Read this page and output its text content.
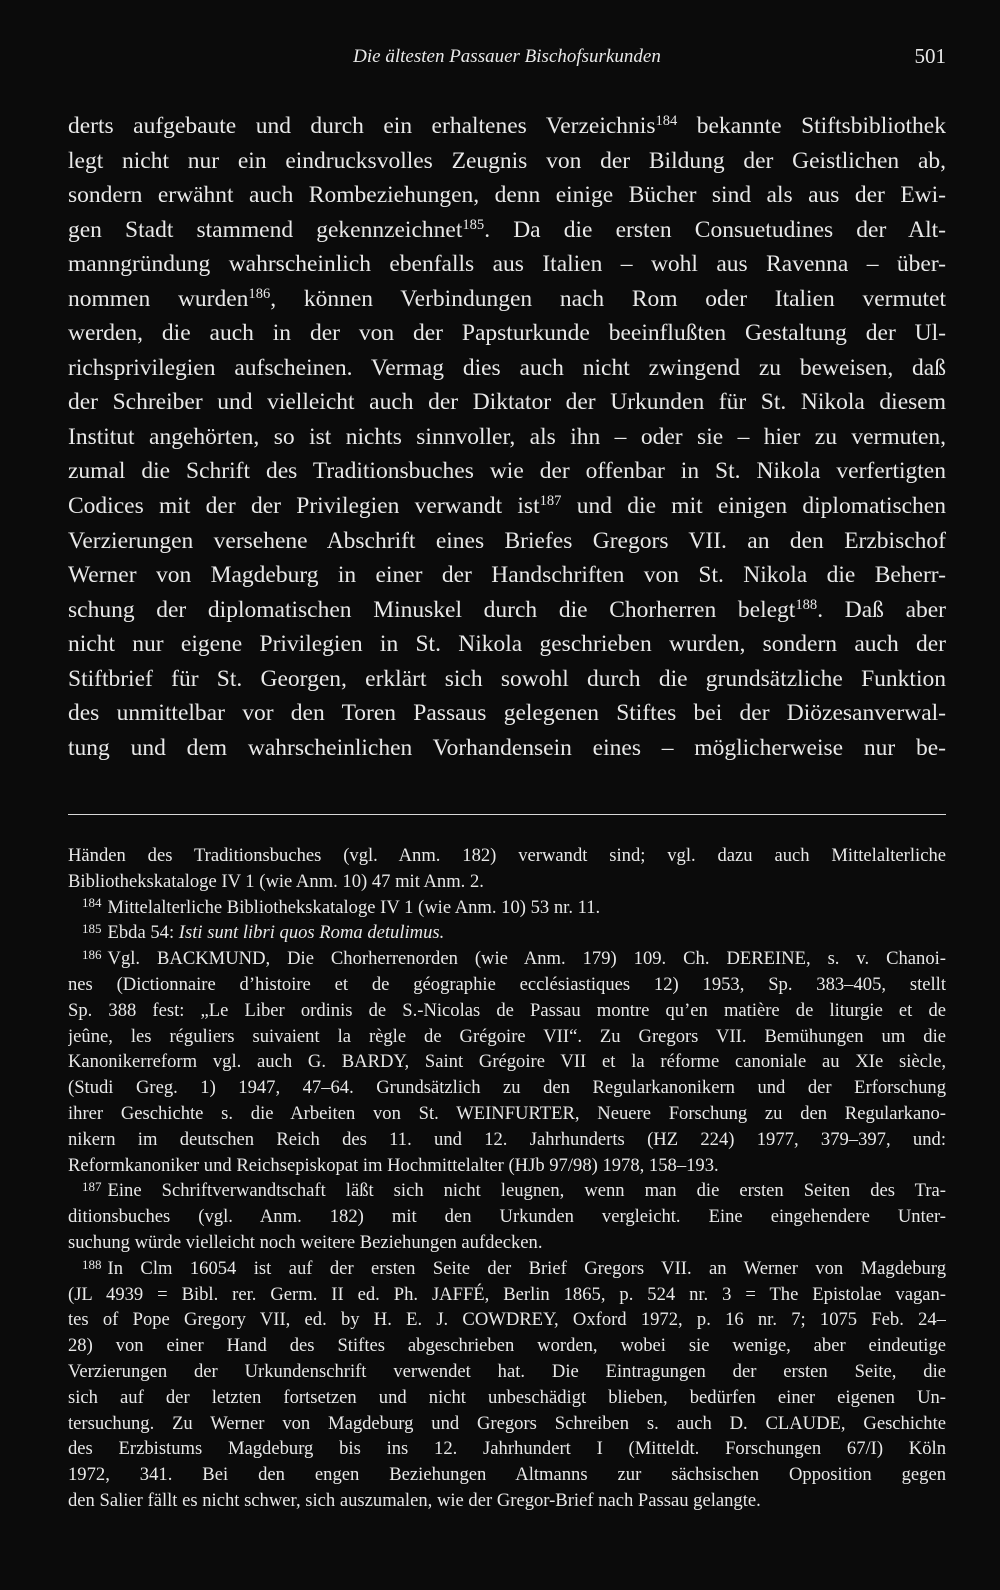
Die ältesten Passauer Bischofsurkunden	501
derts aufgebaute und durch ein erhaltenes Verzeichnis$^{184}$ bekannte Stiftsbibliothek
legt nicht nur ein eindrucksvolles Zeugnis von der Bildung der Geistlichen ab,
sondern erwähnt auch Rombeziehungen, denn einige Bücher sind als aus der Ewi-
gen Stadt stammend gekennzeichnet$^{185}$. Da die ersten Consuetudines der Alt-
manngründung wahrscheinlich ebenfalls aus Italien – wohl aus Ravenna – über-
nommen wurden$^{186}$, können Verbindungen nach Rom oder Italien vermutet
werden, die auch in der von der Papsturkunde beeinflußten Gestaltung der Ul-
richsprivilegien aufscheinen. Vermag dies auch nicht zwingend zu beweisen, daß
der Schreiber und vielleicht auch der Diktator der Urkunden für St. Nikola diesem
Institut angehörten, so ist nichts sinnvoller, als ihn – oder sie – hier zu vermuten,
zumal die Schrift des Traditionsbuches wie der offenbar in St. Nikola verfertigten
Codices mit der der Privilegien verwandt ist$^{187}$ und die mit einigen diplomatischen
Verzierungen versehene Abschrift eines Briefes Gregors VII. an den Erzbischof
Werner von Magdeburg in einer der Handschriften von St. Nikola die Beherr-
schung der diplomatischen Minuskel durch die Chorherren belegt$^{188}$. Daß aber
nicht nur eigene Privilegien in St. Nikola geschrieben wurden, sondern auch der
Stiftbrief für St. Georgen, erklärt sich sowohl durch die grundsätzliche Funktion
des unmittelbar vor den Toren Passaus gelegenen Stiftes bei der Diözesanverwal-
tung und dem wahrscheinlichen Vorhandensein eines – möglicherweise nur be-
Händen des Traditionsbuches (vgl. Anm. 182) verwandt sind; vgl. dazu auch Mittelalterliche
Bibliothekskataloge IV 1 (wie Anm. 10) 47 mit Anm. 2.
$^{184}$ Mittelalterliche Bibliothekskataloge IV 1 (wie Anm. 10) 53 nr. 11.
$^{185}$ Ebda 54: Isti sunt libri quos Roma detulimus.
$^{186}$ Vgl. BACKMUND, Die Chorherrenorden (wie Anm. 179) 109. Ch. DEREINE, s. v. Chanoi-
nes (Dictionnaire d’histoire et de géographie ecclésiastiques 12) 1953, Sp. 383–405, stellt
Sp. 388 fest: „Le Liber ordinis de S.-Nicolas de Passau montre qu’en matière de liturgie et de
jeûne, les réguliers suivaient la règle de Grégoire VII“. Zu Gregors VII. Bemühungen um die
Kanonikerreform vgl. auch G. BARDY, Saint Grégoire VII et la réforme canoniale au XIe siècle,
(Studi Greg. 1) 1947, 47–64. Grundsätzlich zu den Regularkanonikern und der Erforschung
ihrer Geschichte s. die Arbeiten von St. WEINFURTER, Neuere Forschung zu den Regularkano-
nikern im deutschen Reich des 11. und 12. Jahrhunderts (HZ 224) 1977, 379–397, und:
Reformkanoniker und Reichsepiskopat im Hochmittelalter (HJb 97/98) 1978, 158–193.
$^{187}$ Eine Schriftverwandtschaft läßt sich nicht leugnen, wenn man die ersten Seiten des Tra-
ditionsbuches (vgl. Anm. 182) mit den Urkunden vergleicht. Eine eingehendere Unter-
suchung würde vielleicht noch weitere Beziehungen aufdecken.
$^{188}$ In Clm 16054 ist auf der ersten Seite der Brief Gregors VII. an Werner von Magdeburg
(JL 4939 = Bibl. rer. Germ. II ed. Ph. JAFFÉ, Berlin 1865, p. 524 nr. 3 = The Epistolae vagan-
tes of Pope Gregory VII, ed. by H. E. J. COWDREY, Oxford 1972, p. 16 nr. 7; 1075 Feb. 24–
28) von einer Hand des Stiftes abgeschrieben worden, wobei sie wenige, aber eindeutige
Verzierungen der Urkundenschrift verwendet hat. Die Eintragungen der ersten Seite, die
sich auf der letzten fortsetzen und nicht unbeschädigt blieben, bedürfen einer eigenen Un-
tersuchung. Zu Werner von Magdeburg und Gregors Schreiben s. auch D. CLAUDE, Geschichte
des Erzbistums Magdeburg bis ins 12. Jahrhundert I (Mitteldt. Forschungen 67/I) Köln
1972, 341. Bei den engen Beziehungen Altmanns zur sächsischen Opposition gegen
den Salier fällt es nicht schwer, sich auszumalen, wie der Gregor-Brief nach Passau gelangte.
